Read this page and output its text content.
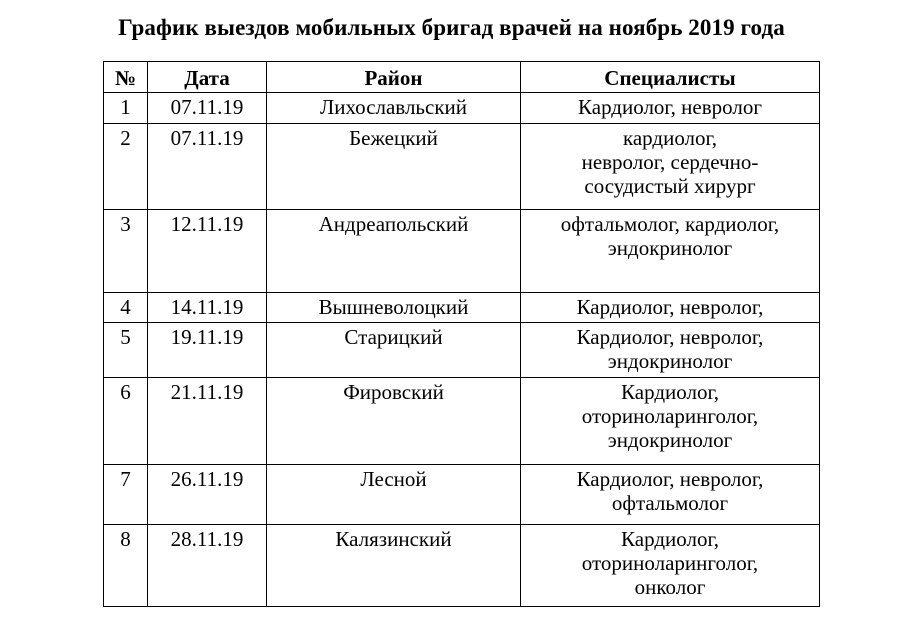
График выездов мобильных бригад врачей на ноябрь 2019 года
№	Дата	Район	Специалисты
1	07.11.19	Лихославльский	Кардиолог, невролог

2	07.11.19	Бежецкий	кардиолог,
невролог, сердечно-
сосудистый хирург

3	12.11.19	Андреапольский	офтальмолог, кардиолог,
эндокринолог

4	14.11.19	Вышневолоцкий	Кардиолог, невролог,

5	19.11.19	Старицкий	Кардиолог, невролог,
эндокринолог

6	21.11.19	Фировский	Кардиолог,
оториноларинголог,
эндокринолог

7	26.11.19	Лесной	Кардиолог, невролог,
офтальмолог

8	28.11.19	Калязинский	Кардиолог,
оториноларинголог,
онколог
